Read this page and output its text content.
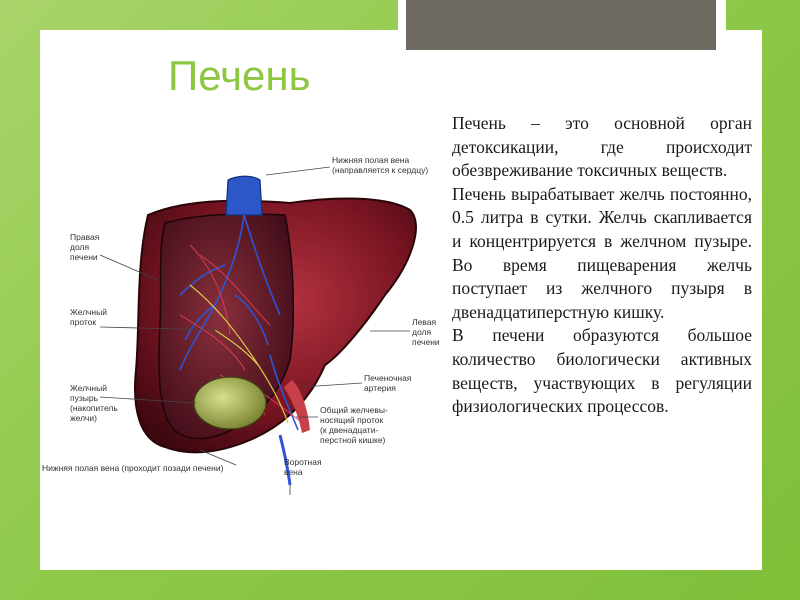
Печень

Печень – это основной орган детоксикации, где происходит обезвреживание токсичных веществ.

Печень вырабатывает желчь постоянно, 0.5 литра в сутки. Желчь скапливается и концентрируется в желчном пузыре. Во время пищеварения желчь поступает из желчного пузыря в двенадцатиперстную кишку.

В печени образуются большое количество биологически активных веществ, участвующих в регуляции физиологических процессов.

Нижняя полая вена
(направляется к сердцу)
Правая
доля
печени
Желчный
проток
Желчный
пузырь
(накопитель
желчи)
Нижняя полая вена (проходит позади печени)
Левая
доля
печени
Печеночная
артерия
Общий желчевы-
носящий проток
(к двенадцати-
перстной кишке)
Воротная
вена
